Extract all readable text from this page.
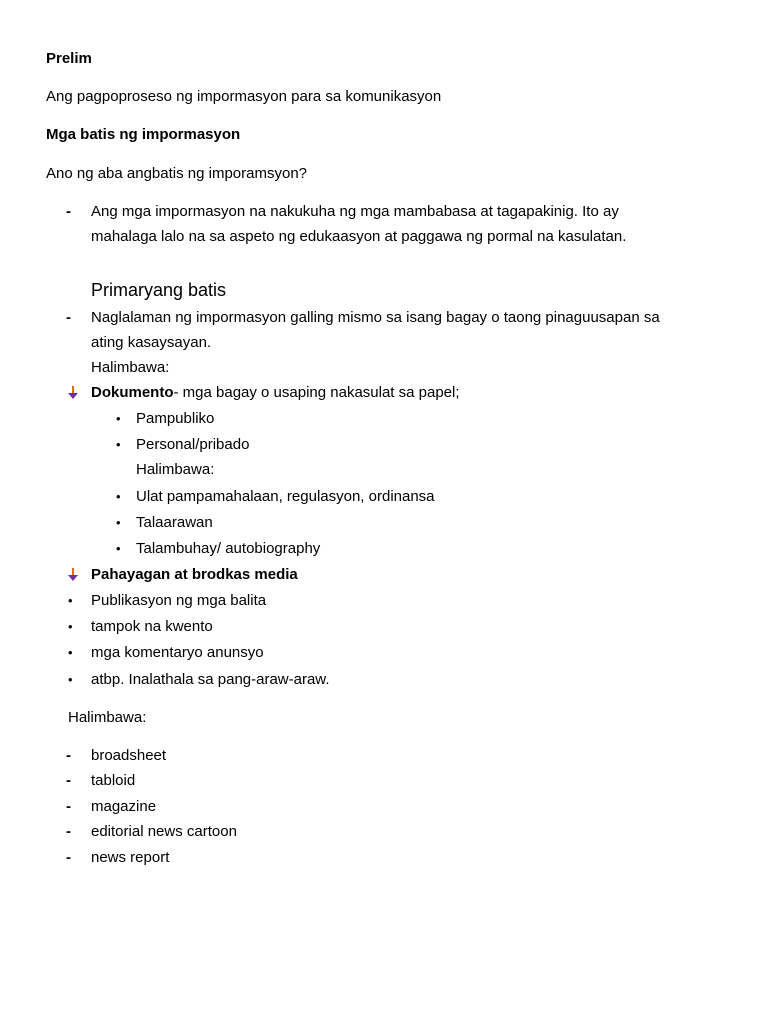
Prelim
Ang pagpoproseso ng impormasyon para sa komunikasyon
Mga batis ng impormasyon
Ano ng aba angbatis ng imporamsyon?
- Ang mga impormasyon na nakukuha ng mga mambabasa at tagapakinig. Ito ay
mahalaga lalo na sa aspeto ng edukaasyon at paggawa ng pormal na kasulatan.
Primaryang batis
- Naglalaman ng impormasyon galling mismo sa isang bagay o taong pinaguusapan sa
ating kasaysayan.
Halimbawa:
Dokumento- mga bagay o usaping nakasulat sa papel;
• Pampubliko
• Personal/pribado
Halimbawa:
• Ulat pampamahalaan, regulasyon, ordinansa
• Talaarawan
• Talambuhay/ autobiography
Pahayagan at brodkas media
• Publikasyon ng mga balita
• tampok na kwento
• mga komentaryo anunsyo
• atbp. Inalathala sa pang-araw-araw.
Halimbawa:
- broadsheet
- tabloid
- magazine
- editorial news cartoon
- news report
